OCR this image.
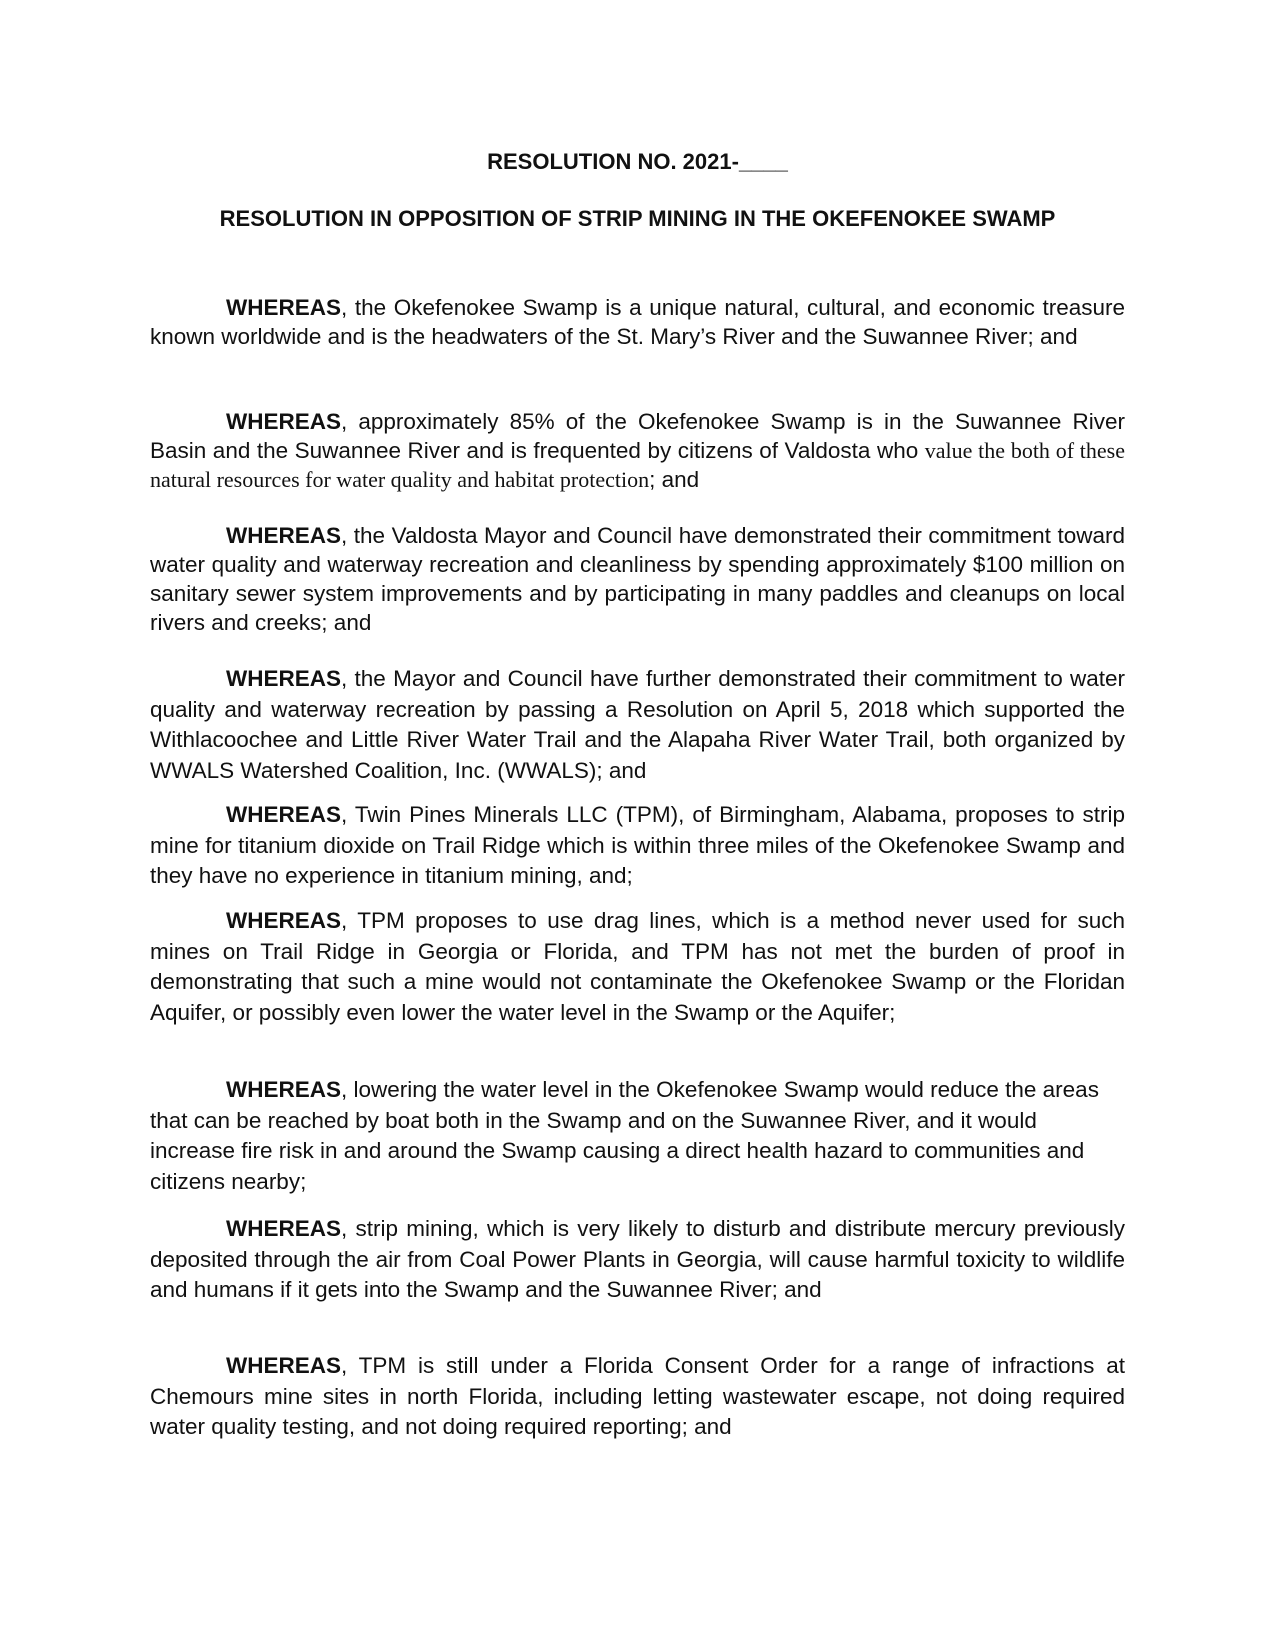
RESOLUTION NO. 2021-____
RESOLUTION IN OPPOSITION OF STRIP MINING IN THE OKEFENOKEE SWAMP

WHEREAS, the Okefenokee Swamp is a unique natural, cultural, and economic treasure known worldwide and is the headwaters of the St. Mary’s River and the Suwannee River; and

WHEREAS, approximately 85% of the Okefenokee Swamp is in the Suwannee River Basin and the Suwannee River and is frequented by citizens of Valdosta who value the both of these natural resources for water quality and habitat protection; and

WHEREAS, the Valdosta Mayor and Council have demonstrated their commitment toward water quality and waterway recreation and cleanliness by spending approximately $100 million on sanitary sewer system improvements and by participating in many paddles and cleanups on local rivers and creeks; and

WHEREAS, the Mayor and Council have further demonstrated their commitment to water quality and waterway recreation by passing a Resolution on April 5, 2018 which supported the Withlacoochee and Little River Water Trail and the Alapaha River Water Trail, both organized by WWALS Watershed Coalition, Inc. (WWALS); and

WHEREAS, Twin Pines Minerals LLC (TPM), of Birmingham, Alabama, proposes to strip mine for titanium dioxide on Trail Ridge which is within three miles of the Okefenokee Swamp and they have no experience in titanium mining, and;

WHEREAS, TPM proposes to use drag lines, which is a method never used for such mines on Trail Ridge in Georgia or Florida, and TPM has not met the burden of proof in demonstrating that such a mine would not contaminate the Okefenokee Swamp or the Floridan Aquifer, or possibly even lower the water level in the Swamp or the Aquifer;

WHEREAS, lowering the water level in the Okefenokee Swamp would reduce the areas that can be reached by boat both in the Swamp and on the Suwannee River, and it would increase fire risk in and around the Swamp causing a direct health hazard to communities and citizens nearby;

WHEREAS, strip mining, which is very likely to disturb and distribute mercury previously deposited through the air from Coal Power Plants in Georgia, will cause harmful toxicity to wildlife and humans if it gets into the Swamp and the Suwannee River; and

WHEREAS, TPM is still under a Florida Consent Order for a range of infractions at Chemours mine sites in north Florida, including letting wastewater escape, not doing required water quality testing, and not doing required reporting; and
